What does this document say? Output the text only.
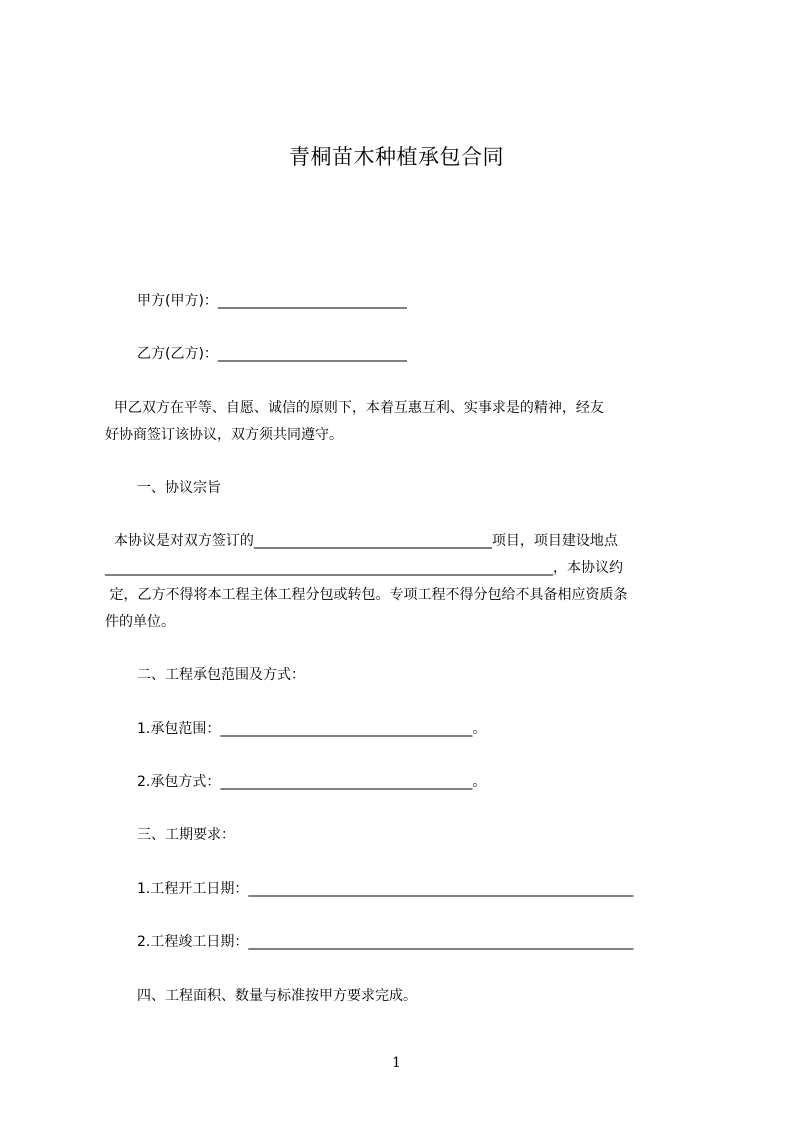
青桐苗木种植承包合同
甲方(甲方)：___________________________
乙方(乙方)：___________________________
甲乙双方在平等、自愿、诚信的原则下，本着互惠互利、实事求是的精神，经友
好协商签订该协议，双方须共同遵守。
一、协议宗旨
本协议是对双方签订的__________________________________项目，项目建设地点
________________________________________________________________，本协议约
定，乙方不得将本工程主体工程分包或转包。专项工程不得分包给不具备相应资质条
件的单位。
二、工程承包范围及方式：
1.承包范围：____________________________________。
2.承包方式：____________________________________。
三、工期要求：
1.工程开工日期：_______________________________________________________
2.工程竣工日期：_______________________________________________________
四、工程面积、数量与标准按甲方要求完成。
1
